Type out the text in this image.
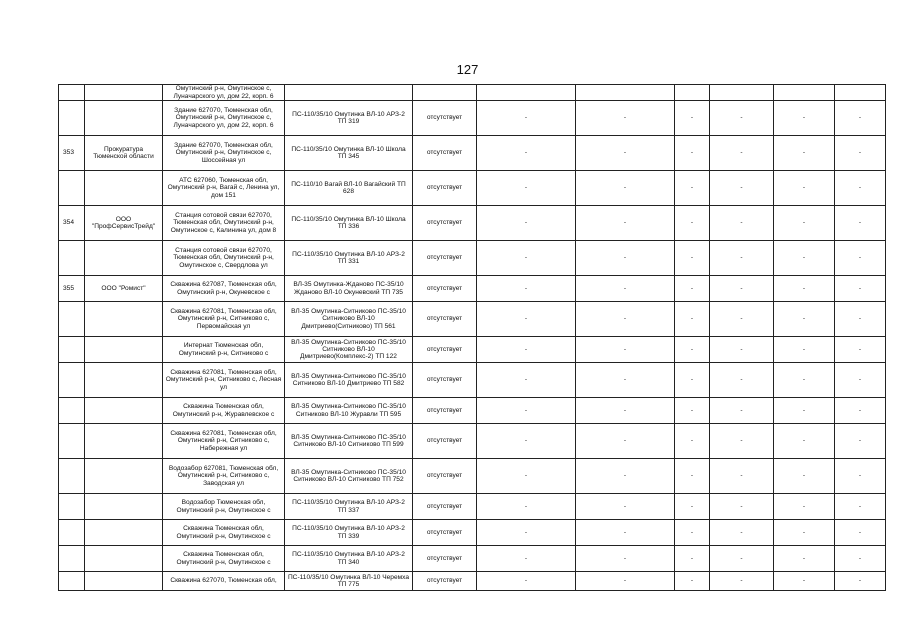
127
		Омутинский р-н, Омутинское с, Луначарского ул, дом 22, корп. 6								
		Здание 627070, Тюменская обл, Омутинский р-н, Омутинское с, Луначарского ул, дом 22, корп. 6	ПС-110/35/10 Омутинка ВЛ-10 АРЗ-2 ТП 319	отсутствует	-	-	-	-	-	-
353	Прокуратура Тюменской области	Здание 627070, Тюменская обл, Омутинский р-н, Омутинское с, Шоссейная ул	ПС-110/35/10 Омутинка ВЛ-10 Школа ТП 345	отсутствует	-	-	-	-	-	-
		АТС 627060, Тюменская обл, Омутинский р-н, Вагай с, Ленина ул, дом 151	ПС-110/10 Вагай ВЛ-10 Вагайский ТП 628	отсутствует	-	-	-	-	-	-
354	ООО "ПрофСервисТрейд"	Станция сотовой связи 627070, Тюменская обл, Омутинский р-н, Омутинское с, Калинина ул, дом 8	ПС-110/35/10 Омутинка ВЛ-10 Школа ТП 336	отсутствует	-	-	-	-	-	-
		Станция сотовой связи 627070, Тюменская обл, Омутинский р-н, Омутинское с, Свердлова ул	ПС-110/35/10 Омутинка ВЛ-10 АРЗ-2 ТП 331	отсутствует	-	-	-	-	-	-
355	ООО "Ромист"	Скважина 627087, Тюменская обл, Омутинский р-н, Окуневское с	ВЛ-35 Омутинка-Жданово ПС-35/10 Жданово ВЛ-10 Окуневский ТП 735	отсутствует	-	-	-	-	-	-
		Скважина 627081, Тюменская обл, Омутинский р-н, Ситниково с, Первомайская ул	ВЛ-35 Омутинка-Ситниково ПС-35/10 Ситниково ВЛ-10 Дмитриево(Ситниково) ТП 561	отсутствует	-	-	-	-	-	-
		Интернат Тюменская обл, Омутинский р-н, Ситниково с	ВЛ-35 Омутинка-Ситниково ПС-35/10 Ситниково ВЛ-10 Дмитриево(Комплекс-2) ТП 122	отсутствует	-	-	-	-	-	-
		Скважина 627081, Тюменская обл, Омутинский р-н, Ситниково с, Лесная ул	ВЛ-35 Омутинка-Ситниково ПС-35/10 Ситниково ВЛ-10 Дмитриево ТП 582	отсутствует	-	-	-	-	-	-
		Скважина Тюменская обл, Омутинский р-н, Журавлевское с	ВЛ-35 Омутинка-Ситниково ПС-35/10 Ситниково ВЛ-10 Журавли ТП 595	отсутствует	-	-	-	-	-	-
		Скважина 627081, Тюменская обл, Омутинский р-н, Ситниково с, Набережная ул	ВЛ-35 Омутинка-Ситниково ПС-35/10 Ситниково ВЛ-10 Ситниково ТП 599	отсутствует	-	-	-	-	-	-
		Водозабор 627081, Тюменская обл, Омутинский р-н, Ситниково с, Заводская ул	ВЛ-35 Омутинка-Ситниково ПС-35/10 Ситниково ВЛ-10 Ситниково ТП 752	отсутствует	-	-	-	-	-	-
		Водозабор Тюменская обл, Омутинский р-н, Омутинское с	ПС-110/35/10 Омутинка ВЛ-10 АРЗ-2 ТП 337	отсутствует	-	-	-	-	-	-
		Скважина Тюменская обл, Омутинский р-н, Омутинское с	ПС-110/35/10 Омутинка ВЛ-10 АРЗ-2 ТП 339	отсутствует	-	-	-	-	-	-
		Скважина Тюменская обл, Омутинский р-н, Омутинское с	ПС-110/35/10 Омутинка ВЛ-10 АРЗ-2 ТП 340	отсутствует	-	-	-	-	-	-
		Скважина 627070, Тюменская обл,	ПС-110/35/10 Омутинка ВЛ-10 Черемха ТП 775	отсутствует	-	-	-	-	-	-
